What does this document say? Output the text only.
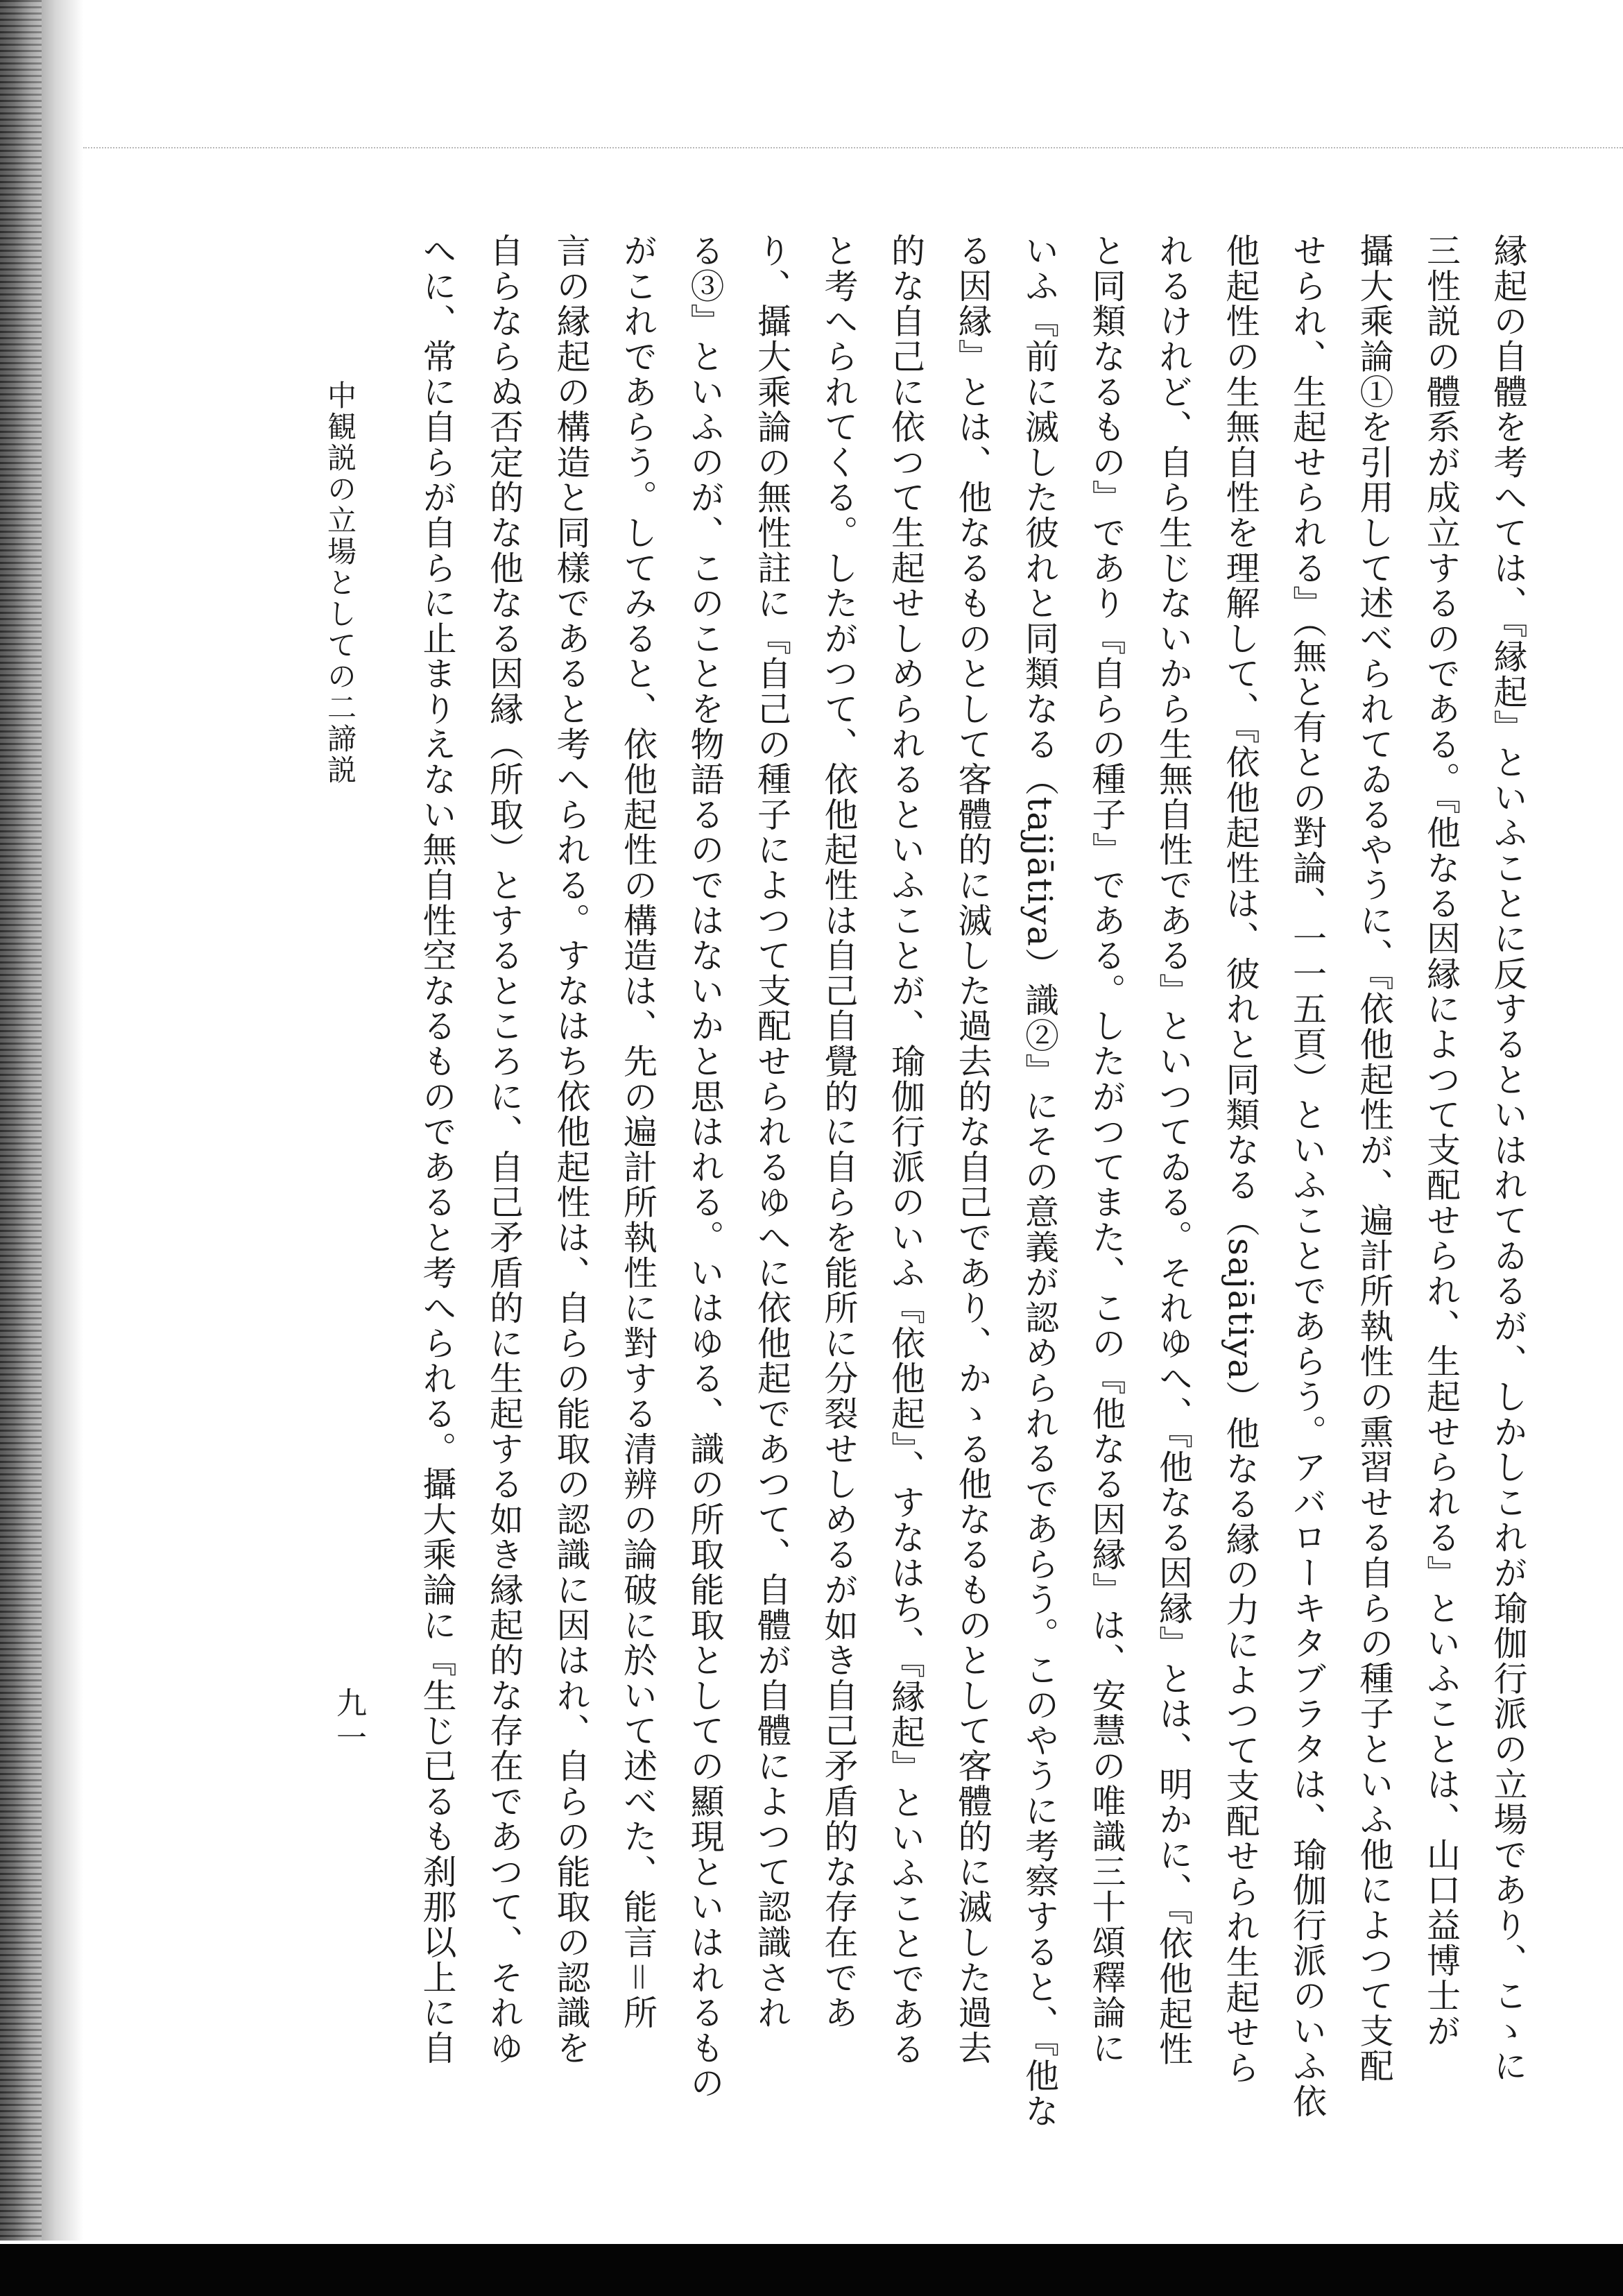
縁起の自體を考へては、『縁起』といふことに反するといはれてゐるが、しかしこれが瑜伽行派の立場であり、こゝに
三性説の體系が成立するのである。『他なる因縁によつて支配せられ、生起せられる』といふことは、山口益博士が
攝大乘論①を引用して述べられてゐるやうに、『依他起性が、遍計所執性の熏習せる自らの種子といふ他によつて支配
せられ、生起せられる』（無と有との對論、一一五頁）といふことであらう。アバローキタブラタは、瑜伽行派のいふ依
他起性の生無自性を理解して、『依他起性は、彼れと同類なる（sajātiya）他なる縁の力によつて支配せられ生起せら
れるけれど、自ら生じないから生無自性である』といつてゐる。それゆへ、『他なる因縁』とは、明かに、『依他起性
と同類なるもの』であり『自らの種子』である。したがつてまた、この『他なる因縁』は、安慧の唯識三十頌釋論に
いふ『前に滅した彼れと同類なる（tajjātiya）識②』にその意義が認められるであらう。このやうに考察すると、『他な
る因縁』とは、他なるものとして客體的に滅した過去的な自己であり、かゝる他なるものとして客體的に滅した過去
的な自己に依つて生起せしめられるといふことが、瑜伽行派のいふ『依他起』、すなはち、『縁起』といふことである
と考へられてくる。したがつて、依他起性は自己自覺的に自らを能所に分裂せしめるが如き自己矛盾的な存在であ
り、攝大乘論の無性註に『自己の種子によつて支配せられるゆへに依他起であつて、自體が自體によつて認識され
る③』といふのが、このことを物語るのではないかと思はれる。いはゆる、識の所取能取としての顯現といはれるもの
がこれであらう。してみると、依他起性の構造は、先の遍計所執性に對する清辨の論破に於いて述べた、能言＝所
言の縁起の構造と同樣であると考へられる。すなはち依他起性は、自らの能取の認識に因はれ、自らの能取の認識を
自らならぬ否定的な他なる因縁（所取）とするところに、自己矛盾的に生起する如き縁起的な存在であつて、それゆ
へに、常に自らが自らに止まりえない無自性空なるものであると考へられる。攝大乘論に『生じ已るも刹那以上に自
中観説の立場としての二諦説
九一
